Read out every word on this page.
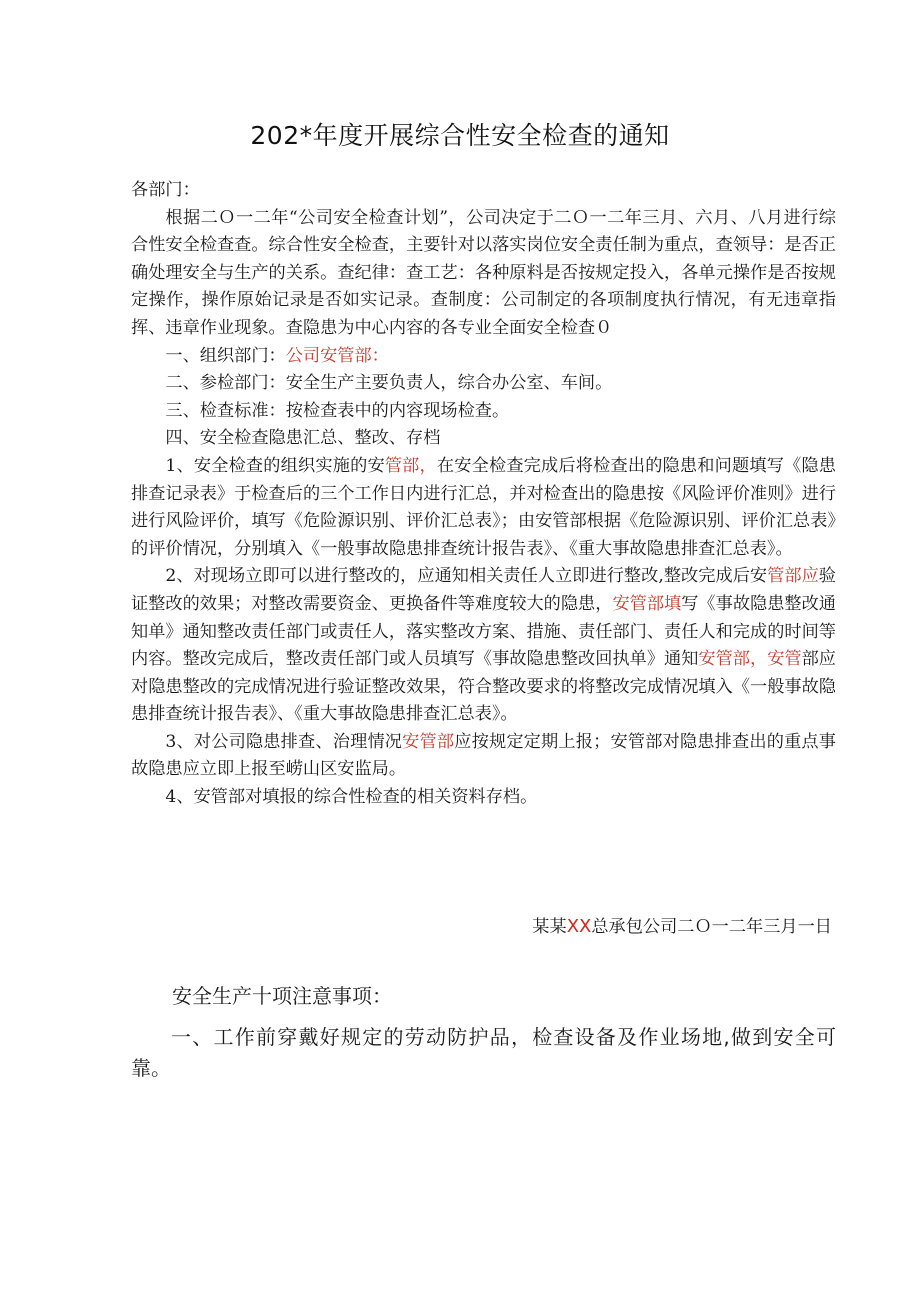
202*年度开展综合性安全检查的通知

各部门：

根据二Ｏ一二年“公司安全检查计划”，公司决定于二Ｏ一二年三月、六月、八月进行综合性安全检查查。综合性安全检查，主要针对以落实岗位安全责任制为重点，查领导：是否正确处理安全与生产的关系。查纪律：查工艺：各种原料是否按规定投入，各单元操作是否按规定操作，操作原始记录是否如实记录。查制度：公司制定的各项制度执行情况，有无违章指挥、违章作业现象。查隐患为中心内容的各专业全面安全检查０

一、组织部门：公司安管部：

二、参检部门：安全生产主要负责人，综合办公室、车间。

三、检查标准：按检查表中的内容现场检查。

四、安全检查隐患汇总、整改、存档

1、安全检查的组织实施的安管部，在安全检查完成后将检查出的隐患和问题填写《隐患排查记录表》于检查后的三个工作日内进行汇总，并对检查出的隐患按《风险评价准则》进行进行风险评价，填写《危险源识别、评价汇总表》；由安管部根据《危险源识别、评价汇总表》的评价情况，分别填入《一般事故隐患排查统计报告表》、《重大事故隐患排查汇总表》。

2、对现场立即可以进行整改的，应通知相关责任人立即进行整改,整改完成后安管部应验证整改的效果；对整改需要资金、更换备件等难度较大的隐患，安管部填写《事故隐患整改通知单》通知整改责任部门或责任人，落实整改方案、措施、责任部门、责任人和完成的时间等内容。整改完成后，整改责任部门或人员填写《事故隐患整改回执单》通知安管部，安管部应对隐患整改的完成情况进行验证整改效果，符合整改要求的将整改完成情况填入《一般事故隐患排查统计报告表》、《重大事故隐患排查汇总表》。

3、对公司隐患排查、治理情况安管部应按规定定期上报；安管部对隐患排查出的重点事故隐患应立即上报至崂山区安监局。

4、安管部对填报的综合性检查的相关资料存档。

某某XX总承包公司二Ｏ一二年三月一日
安全生产十项注意事项：
一、工作前穿戴好规定的劳动防护品，检查设备及作业场地,做到安全可靠。
